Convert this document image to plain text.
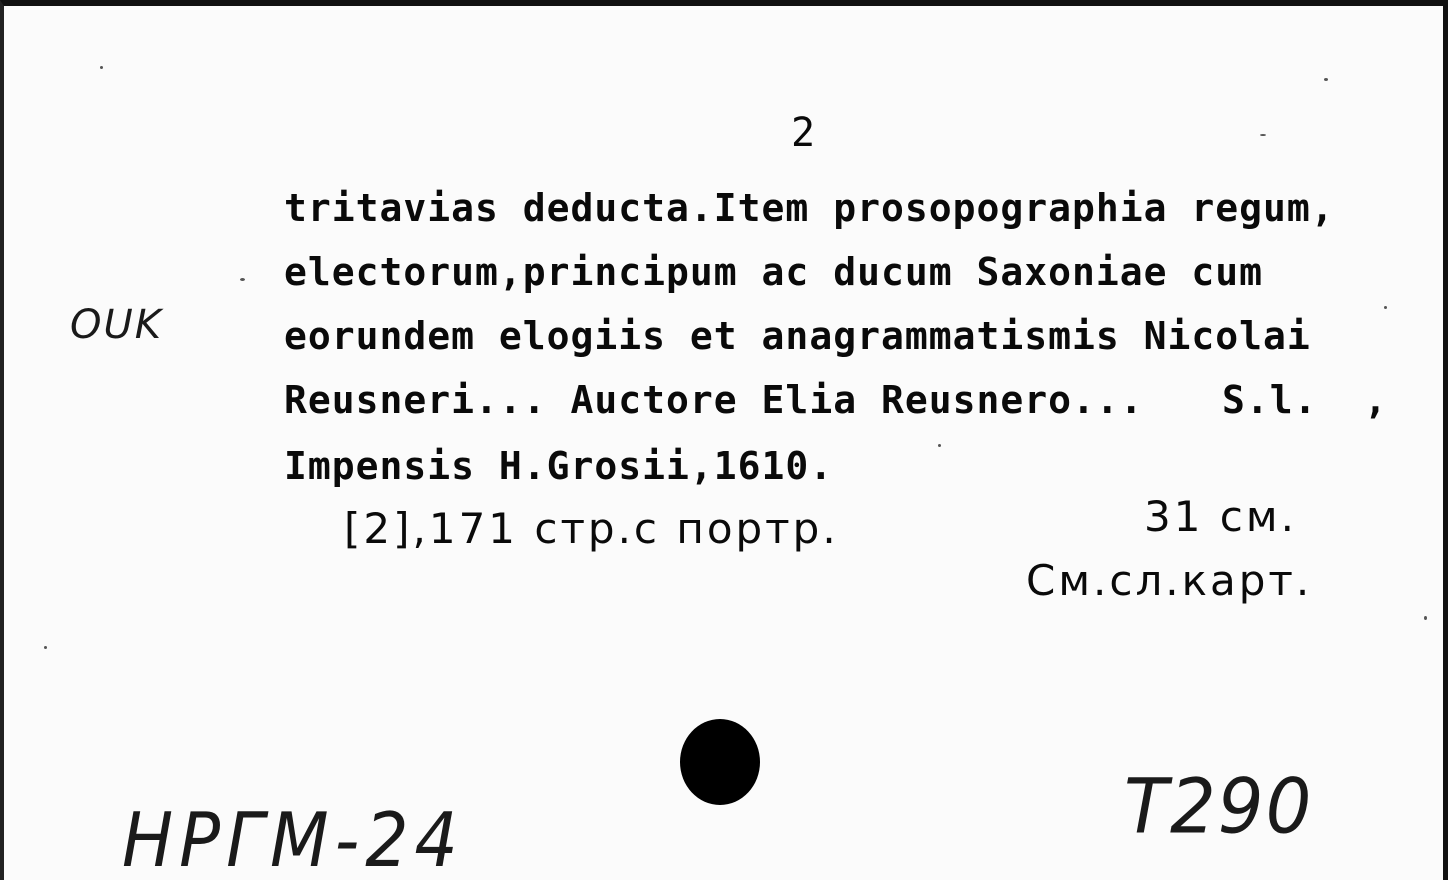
2
tritavias deducta.Item prosopographia regum,
electorum,principum ac ducum Saxoniae cum
eorundem elogiis et anagrammatismis Nicolai
Reusneri... Auctore Elia Reusnero... S.l. ,
Impensis H.Grosii,1610.
[2],171 стр.с портр.	31 см.
См.сл.карт.
OUK
НРГМ-24	T290
